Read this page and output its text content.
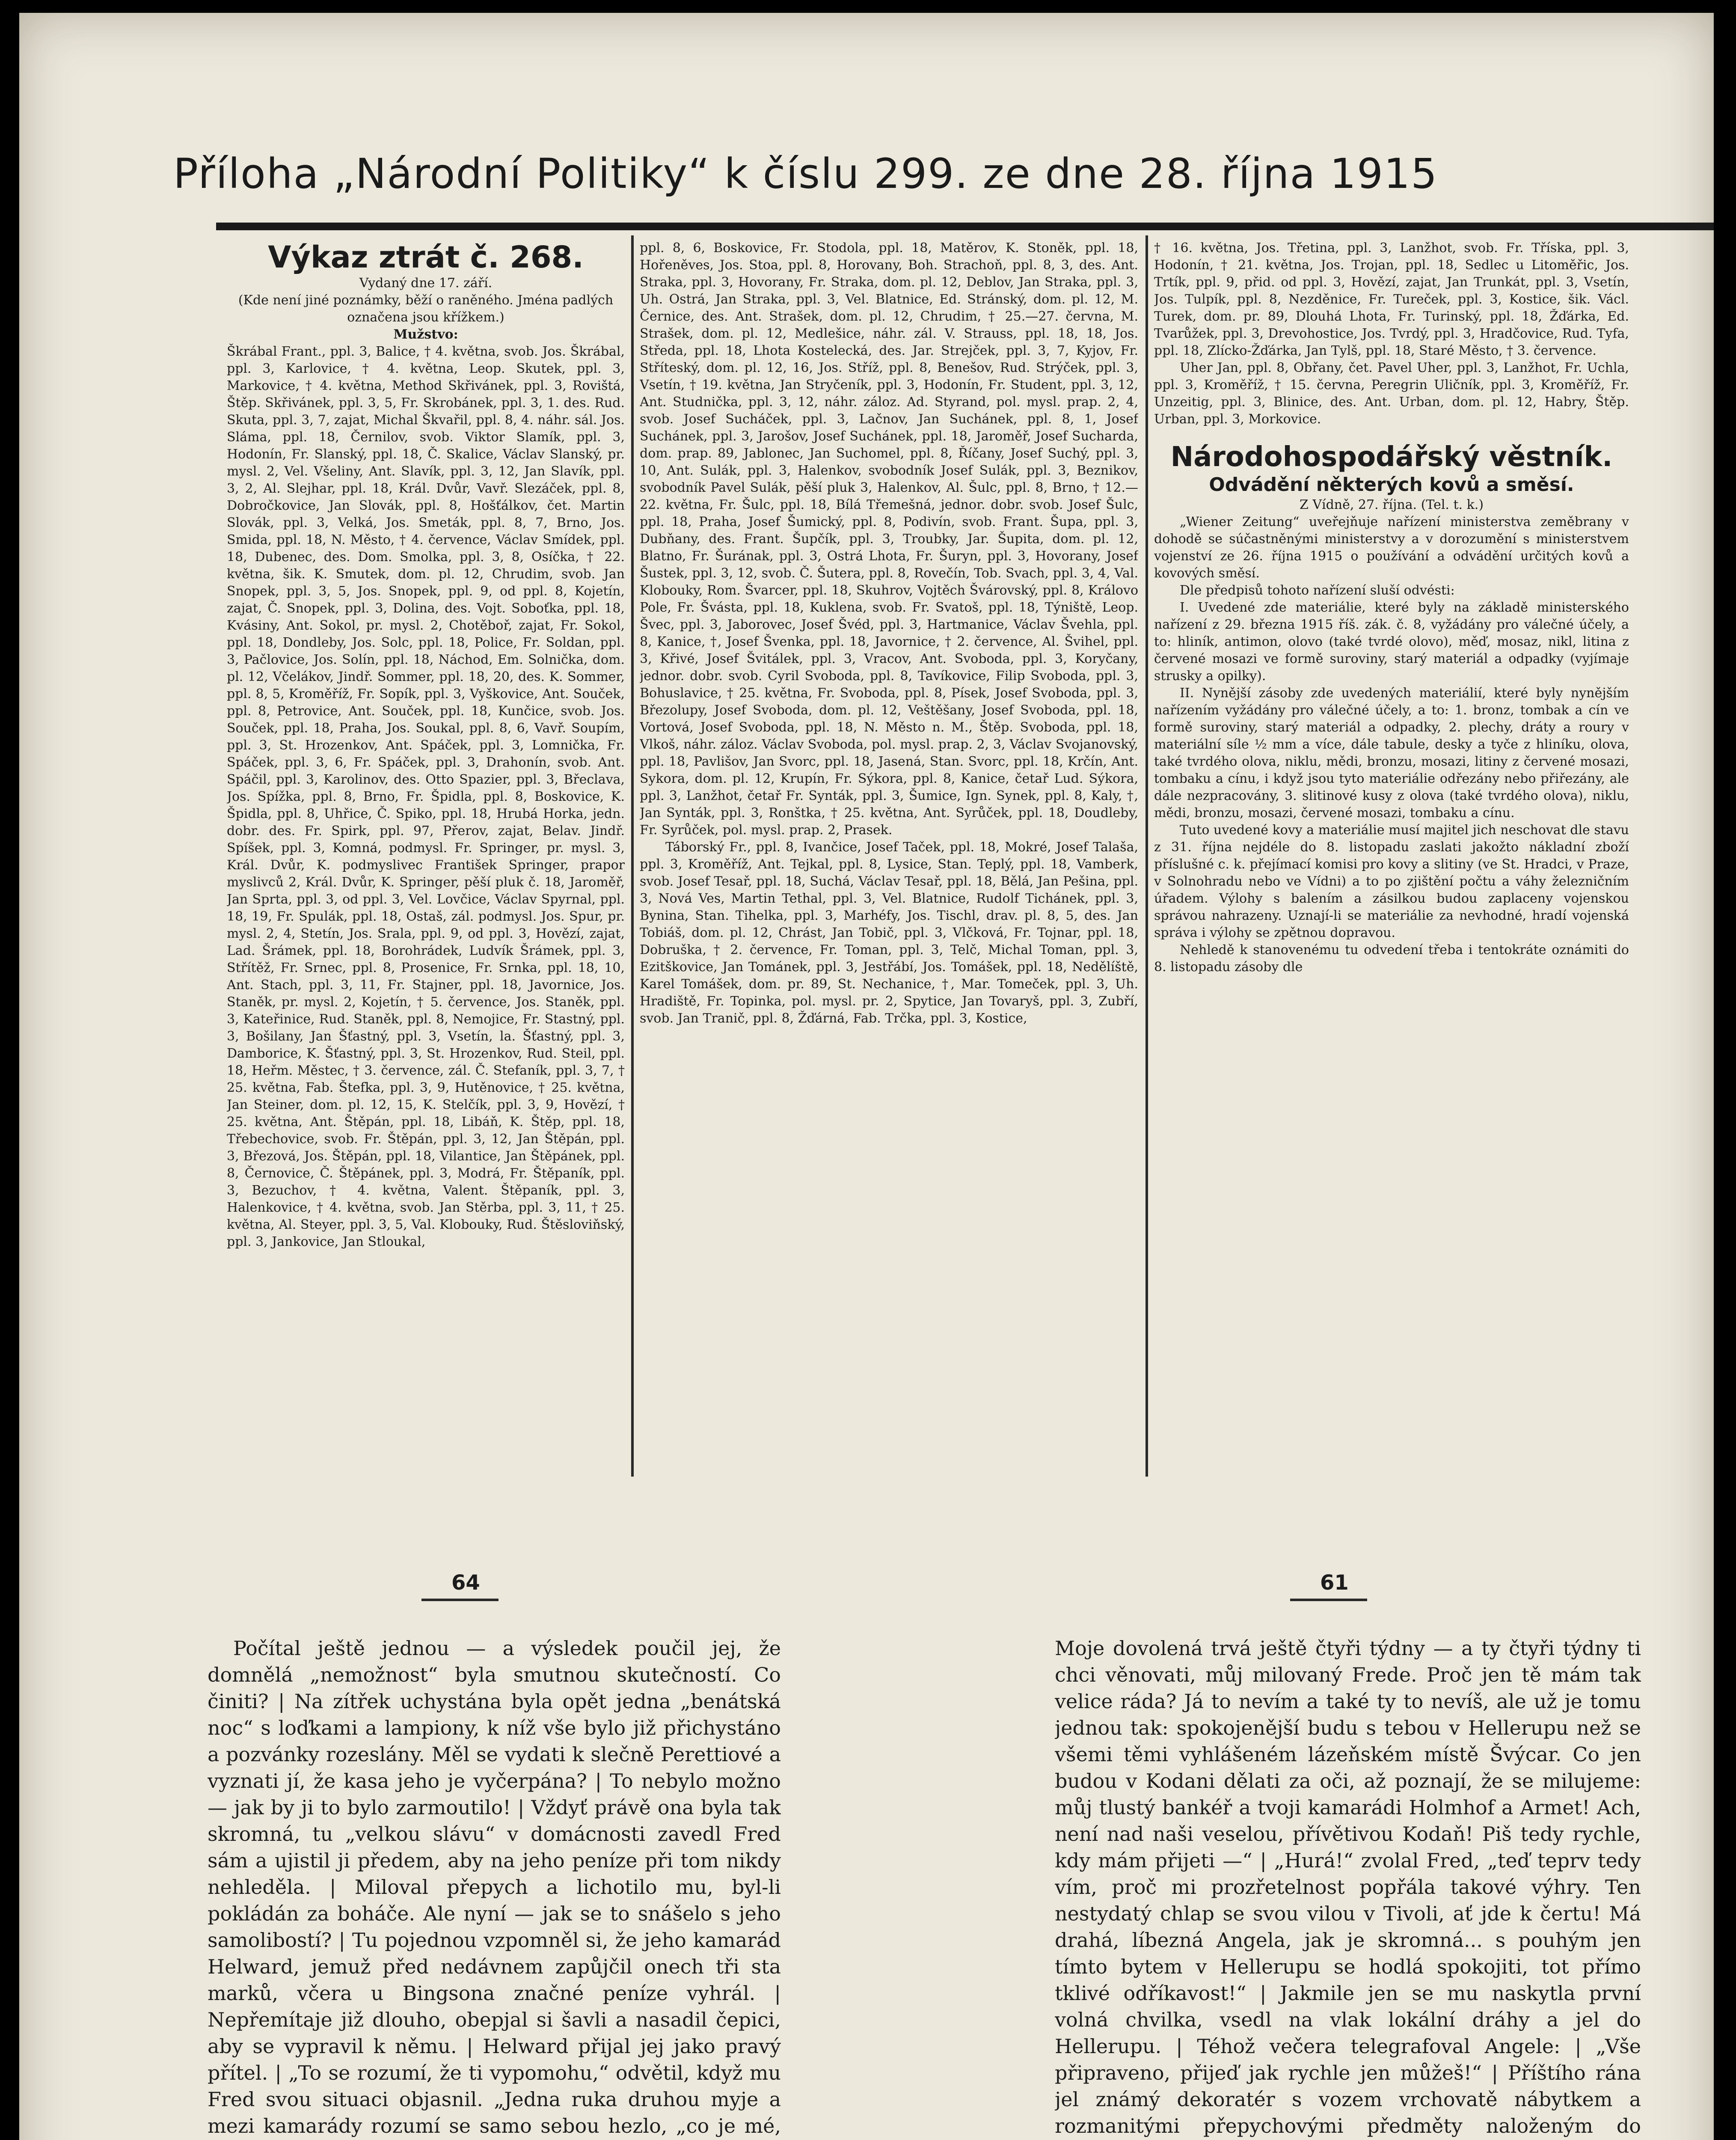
Příloha „Národní Politiky“ k číslu 299. ze dne 28. října 1915

Výkaz ztrát č. 268.

Vydaný dne 17. září.

(Kde není jiné poznámky, běží o raněného. Jména padlých označena jsou křížkem.)

Mužstvo:

Škrábal Frant., ppl. 3, Balice, † 4. května, svob. Jos. Škrábal, ppl. 3, Karlovice, † 4. května, Leop. Skutek, ppl. 3, Markovice, † 4. května, Method Skřivánek, ppl. 3, Rovištá, Štěp. Skřivánek, ppl. 3, 5, Fr. Skrobánek, ppl. 3, 1. des. Rud. Skuta, ppl. 3, 7, zajat, Michal Škvařil, ppl. 8, 4. náhr. sál. Jos. Sláma, ppl. 18, Černilov, svob. Viktor Slamík, ppl. 3, Hodonín, Fr. Slanský, ppl. 18, Č. Skalice, Václav Slanský, pr. mysl. 2, Vel. Všeliny, Ant. Slavík, ppl. 3, 12, Jan Slavík, ppl. 3, 2, Al. Slejhar, ppl. 18, Král. Dvůr, Vavř. Slezáček, ppl. 8, Dobročkovice, Jan Slovák, ppl. 8, Hošťálkov, čet. Martin Slovák, ppl. 3, Velká, Jos. Smeták, ppl. 8, 7, Brno, Jos. Smida, ppl. 18, N. Město, † 4. července, Václav Smídek, ppl. 18, Dubenec, des. Dom. Smolka, ppl. 3, 8, Osíčka, † 22. května, šik. K. Smutek, dom. pl. 12, Chrudim, svob. Jan Snopek, ppl. 3, 5, Jos. Snopek, ppl. 9, od ppl. 8, Kojetín, zajat, Č. Snopek, ppl. 3, Dolina, des. Vojt. Soboťka, ppl. 18, Kvásiny, Ant. Sokol, pr. mysl. 2, Chotěboř, zajat, Fr. Sokol, ppl. 18, Dondleby, Jos. Solc, ppl. 18, Police, Fr. Soldan, ppl. 3, Pačlovice, Jos. Solín, ppl. 18, Náchod, Em. Solnička, dom. pl. 12, Včelákov, Jindř. Sommer, ppl. 18, 20, des. K. Sommer, ppl. 8, 5, Kroměříž, Fr. Sopík, ppl. 3, Vyškovice, Ant. Souček, ppl. 8, Petrovice, Ant. Souček, ppl. 18, Kunčice, svob. Jos. Souček, ppl. 18, Praha, Jos. Soukal, ppl. 8, 6, Vavř. Soupím, ppl. 3, St. Hrozenkov, Ant. Spáček, ppl. 3, Lomnička, Fr. Spáček, ppl. 3, 6, Fr. Spáček, ppl. 3, Drahonín, svob. Ant. Spáčil, ppl. 3, Karolinov, des. Otto Spazier, ppl. 3, Břeclava, Jos. Spížka, ppl. 8, Brno, Fr. Špidla, ppl. 8, Boskovice, K. Špidla, ppl. 8, Uhřice, Č. Spiko, ppl. 18, Hrubá Horka, jedn. dobr. des. Fr. Spirk, ppl. 97, Přerov, zajat, Belav. Jindř. Spíšek, ppl. 3, Komná, podmysl. Fr. Springer, pr. mysl. 3, Král. Dvůr, K. podmyslivec František Springer, prapor myslivců 2, Král. Dvůr, K. Springer, pěší pluk č. 18, Jaroměř, Jan Sprta, ppl. 3, od ppl. 3, Vel. Lovčice, Václav Spyrnal, ppl. 18, 19, Fr. Spulák, ppl. 18, Ostaš, zál. podmysl. Jos. Spur, pr. mysl. 2, 4, Stetín, Jos. Srala, ppl. 9, od ppl. 3, Hovězí, zajat, Lad. Šrámek, ppl. 18, Borohrádek, Ludvík Šrámek, ppl. 3, Střítěž, Fr. Srnec, ppl. 8, Prosenice, Fr. Srnka, ppl. 18, 10, Ant. Stach, ppl. 3, 11, Fr. Stajner, ppl. 18, Javornice, Jos. Staněk, pr. mysl. 2, Kojetín, † 5. července, Jos. Staněk, ppl. 3, Kateřinice, Rud. Staněk, ppl. 8, Nemojice, Fr. Stastný, ppl. 3, Bošilany, Jan Šťastný, ppl. 3, Vsetín, la. Šťastný, ppl. 3, Damborice, K. Šťastný, ppl. 3, St. Hrozenkov, Rud. Steil, ppl. 18, Heřm. Městec, † 3. července, zál. Č. Stefaník, ppl. 3, 7, † 25. května, Fab. Štefka, ppl. 3, 9, Hutěnovice, † 25. května, Jan Steiner, dom. pl. 12, 15, K. Stelčík, ppl. 3, 9, Hovězí, † 25. května, Ant. Štěpán, ppl. 18, Libáň, K. Štěp, ppl. 18, Třebechovice, svob. Fr. Štěpán, ppl. 3, 12, Jan Štěpán, ppl. 3, Březová, Jos. Štěpán, ppl. 18, Vilantice, Jan Štěpánek, ppl. 8, Černovice, Č. Štěpánek, ppl. 3, Modrá, Fr. Štěpaník, ppl. 3, Bezuchov, † 4. května, Valent. Štěpaník, ppl. 3, Halenkovice, † 4. května, svob. Jan Stěrba, ppl. 3, 11, † 25. května, Al. Steyer, ppl. 3, 5, Val. Klobouky, Rud. Štěsloviňský, ppl. 3, Jankovice, Jan Stloukal,

ppl. 8, 6, Boskovice, Fr. Stodola, ppl. 18, Matěrov, K. Stoněk, ppl. 18, Hořeněves, Jos. Stoa, ppl. 8, Horovany, Boh. Strachoň, ppl. 8, 3, des. Ant. Straka, ppl. 3, Hovorany, Fr. Straka, dom. pl. 12, Deblov, Jan Straka, ppl. 3, Uh. Ostrá, Jan Straka, ppl. 3, Vel. Blatnice, Ed. Stránský, dom. pl. 12, M. Černice, des. Ant. Strašek, dom. pl. 12, Chrudim, † 25.—27. června, M. Strašek, dom. pl. 12, Medlešice, náhr. zál. V. Strauss, ppl. 18, 18, Jos. Středa, ppl. 18, Lhota Kostelecká, des. Jar. Strejček, ppl. 3, 7, Kyjov, Fr. Stříteský, dom. pl. 12, 16, Jos. Stříž, ppl. 8, Benešov, Rud. Strýček, ppl. 3, Vsetín, † 19. května, Jan Stryčeník, ppl. 3, Hodonín, Fr. Student, ppl. 3, 12, Ant. Studnička, ppl. 3, 12, náhr. záloz. Ad. Styrand, pol. mysl. prap. 2, 4, svob. Josef Sucháček, ppl. 3, Lačnov, Jan Suchánek, ppl. 8, 1, Josef Suchánek, ppl. 3, Jarošov, Josef Suchánek, ppl. 18, Jaroměř, Josef Sucharda, dom. prap. 89, Jablonec, Jan Suchomel, ppl. 8, Říčany, Josef Suchý, ppl. 3, 10, Ant. Sulák, ppl. 3, Halenkov, svobodník Josef Sulák, ppl. 3, Beznikov, svobodník Pavel Sulák, pěší pluk 3, Halenkov, Al. Šulc, ppl. 8, Brno, † 12.—22. května, Fr. Šulc, ppl. 18, Bílá Třemešná, jednor. dobr. svob. Josef Šulc, ppl. 18, Praha, Josef Šumický, ppl. 8, Podivín, svob. Frant. Šupa, ppl. 3, Dubňany, des. Frant. Šupčík, ppl. 3, Troubky, Jar. Šupita, dom. pl. 12, Blatno, Fr. Šurának, ppl. 3, Ostrá Lhota, Fr. Šuryn, ppl. 3, Hovorany, Josef Šustek, ppl. 3, 12, svob. Č. Šutera, ppl. 8, Rovečín, Tob. Svach, ppl. 3, 4, Val. Klobouky, Rom. Švarcer, ppl. 18, Skuhrov, Vojtěch Švárovský, ppl. 8, Královo Pole, Fr. Švásta, ppl. 18, Kuklena, svob. Fr. Svatoš, ppl. 18, Týniště, Leop. Švec, ppl. 3, Jaborovec, Josef Švéd, ppl. 3, Hartmanice, Václav Švehla, ppl. 8, Kanice, †, Josef Švenka, ppl. 18, Javornice, † 2. července, Al. Švihel, ppl. 3, Křivé, Josef Švitálek, ppl. 3, Vracov, Ant. Svoboda, ppl. 3, Koryčany, jednor. dobr. svob. Cyril Svoboda, ppl. 8, Tavíkovice, Filip Svoboda, ppl. 3, Bohuslavice, † 25. května, Fr. Svoboda, ppl. 8, Písek, Josef Svoboda, ppl. 3, Březolupy, Josef Svoboda, dom. pl. 12, Veštěšany, Josef Svoboda, ppl. 18, Vortová, Josef Svoboda, ppl. 18, N. Město n. M., Štěp. Svoboda, ppl. 18, Vlkoš, náhr. záloz. Václav Svoboda, pol. mysl. prap. 2, 3, Václav Svojanovský, ppl. 18, Pavlišov, Jan Svorc, ppl. 18, Jasená, Stan. Svorc, ppl. 18, Krčín, Ant. Sykora, dom. pl. 12, Krupín, Fr. Sýkora, ppl. 8, Kanice, četař Lud. Sýkora, ppl. 3, Lanžhot, četař Fr. Synták, ppl. 3, Šumice, Ign. Synek, ppl. 8, Kaly, †, Jan Synták, ppl. 3, Ronštka, † 25. května, Ant. Syrůček, ppl. 18, Doudleby, Fr. Syrůček, pol. mysl. prap. 2, Prasek.

Táborský Fr., ppl. 8, Ivančice, Josef Taček, ppl. 18, Mokré, Josef Talaša, ppl. 3, Kroměříž, Ant. Tejkal, ppl. 8, Lysice, Stan. Teplý, ppl. 18, Vamberk, svob. Josef Tesař, ppl. 18, Suchá, Václav Tesař, ppl. 18, Bělá, Jan Pešina, ppl. 3, Nová Ves, Martin Tethal, ppl. 3, Vel. Blatnice, Rudolf Tichánek, ppl. 3, Bynina, Stan. Tihelka, ppl. 3, Marhéfy, Jos. Tischl, drav. pl. 8, 5, des. Jan Tobiáš, dom. pl. 12, Chrást, Jan Tobič, ppl. 3, Vlčková, Fr. Tojnar, ppl. 18, Dobruška, † 2. července, Fr. Toman, ppl. 3, Telč, Michal Toman, ppl. 3, Ezitškovice, Jan Tománek, ppl. 3, Jestřábí, Jos. Tomášek, ppl. 18, Nedělíště, Karel Tomášek, dom. pr. 89, St. Nechanice, †, Mar. Tomeček, ppl. 3, Uh. Hradiště, Fr. Topinka, pol. mysl. pr. 2, Spytice, Jan Tovaryš, ppl. 3, Zubří, svob. Jan Tranič, ppl. 8, Žďárná, Fab. Trčka, ppl. 3, Kostice,

† 16. května, Jos. Třetina, ppl. 3, Lanžhot, svob. Fr. Tříska, ppl. 3, Hodonín, † 21. května, Jos. Trojan, ppl. 18, Sedlec u Litoměřic, Jos. Trtík, ppl. 9, přid. od ppl. 3, Hovězí, zajat, Jan Trunkát, ppl. 3, Vsetín, Jos. Tulpík, ppl. 8, Nezděnice, Fr. Tureček, ppl. 3, Kostice, šik. Václ. Turek, dom. pr. 89, Dlouhá Lhota, Fr. Turinský, ppl. 18, Žďárka, Ed. Tvarůžek, ppl. 3, Drevohostice, Jos. Tvrdý, ppl. 3, Hradčovice, Rud. Tyfa, ppl. 18, Zlícko-Žďárka, Jan Tylš, ppl. 18, Staré Město, † 3. července.

Uher Jan, ppl. 8, Obřany, čet. Pavel Uher, ppl. 3, Lanžhot, Fr. Uchla, ppl. 3, Kroměříž, † 15. června, Peregrin Uličník, ppl. 3, Kroměříž, Fr. Unzeitig, ppl. 3, Blinice, des. Ant. Urban, dom. pl. 12, Habry, Štěp. Urban, ppl. 3, Morkovice.

Národohospodářský věstník.

Odvádění některých kovů a směsí.

Z Vídně, 27. října. (Tel. t. k.)

„Wiener Zeitung“ uveřejňuje nařízení ministerstva zeměbrany v dohodě se súčastněnými ministerstvy a v dorozumění s ministerstvem vojenství ze 26. října 1915 o používání a odvádění určitých kovů a kovových směsí.

Dle předpisů tohoto nařízení sluší odvésti:

I. Uvedené zde materiálie, které byly na základě ministerského nařízení z 29. března 1915 říš. zák. č. 8, vyžádány pro válečné účely, a to: hliník, antimon, olovo (také tvrdé olovo), měď, mosaz, nikl, litina z červené mosazi ve formě suroviny, starý materiál a odpadky (vyjímaje strusky a opilky).

II. Nynější zásoby zde uvedených materiálií, které byly nynějším nařízením vyžádány pro válečné účely, a to: 1. bronz, tombak a cín ve formě suroviny, starý materiál a odpadky, 2. plechy, dráty a roury v materiální síle ½ mm a více, dále tabule, desky a tyče z hliníku, olova, také tvrdého olova, niklu, mědi, bronzu, mosazi, litiny z červené mosazi, tombaku a cínu, i když jsou tyto materiálie odřezány nebo přiřezány, ale dále nezpracovány, 3. slitinové kusy z olova (také tvrdého olova), niklu, mědi, bronzu, mosazi, červené mosazi, tombaku a cínu.

Tuto uvedené kovy a materiálie musí majitel jich neschovat dle stavu z 31. října nejdéle do 8. listopadu zaslati jakožto nákladní zboží příslušné c. k. přejímací komisi pro kovy a slitiny (ve St. Hradci, v Praze, v Solnohradu nebo ve Vídni) a to po zjištění počtu a váhy železničním úřadem. Výlohy s balením a zásilkou budou zaplaceny vojenskou správou nahrazeny. Uznají-li se materiálie za nevhodné, hradí vojenská správa i výlohy se zpětnou dopravou.

Nehledě k stanovenému tu odvedení třeba i tentokráte oznámiti do 8. listopadu zásoby dle

64	61

Počítal ještě jednou — a výsledek poučil jej, že domnělá „nemožnost“ byla smutnou skutečností. Co činiti? | Na zítřek uchystána byla opět jedna „benátská noc“ s loďkami a lampiony, k níž vše bylo již přichystáno a pozvánky rozeslány. Měl se vydati k slečně Perettiové a vyznati jí, že kasa jeho je vyčerpána? | To nebylo možno — jak by ji to bylo zarmoutilo! | Vždyť právě ona byla tak skromná, tu „velkou slávu“ v domácnosti zavedl Fred sám a ujistil ji předem, aby na jeho peníze při tom nikdy nehleděla. | Miloval přepych a lichotilo mu, byl-li pokládán za boháče. Ale nyní — jak se to snášelo s jeho samolibostí? | Tu pojednou vzpomněl si, že jeho kamarád Helward, jemuž před nedávnem zapůjčil onech tři sta marků, včera u Bingsona značné peníze vyhrál. | Nepřemítaje již dlouho, obepjal si šavli a nasadil čepici, aby se vypravil k němu. | Helward přijal jej jako pravý přítel. | „To se rozumí, že ti vypomohu,“ odvětil, když mu Fred svou situaci objasnil. „Jedna ruka druhou myje a mezi kamarády rozumí se samo sebou hezlo, „co je mé,

Moje dovolená trvá ještě čtyři týdny — a ty čtyři týdny ti chci věnovati, můj milovaný Frede. Proč jen tě mám tak velice ráda? Já to nevím a také ty to nevíš, ale už je tomu jednou tak: spokojenější budu s tebou v Hellerupu než se všemi těmi vyhlášeném lázeňském místě Švýcar. Co jen budou v Kodani dělati za oči, až poznají, že se milujeme: můj tlustý bankéř a tvoji kamarádi Holmhof a Armet! Ach, není nad naši veselou, přívětivou Kodaň! Piš tedy rychle, kdy mám přijeti —“ | „Hurá!“ zvolal Fred, „teď teprv tedy vím, proč mi prozřetelnost popřála takové výhry. Ten nestydatý chlap se svou vilou v Tivoli, ať jde k čertu! Má drahá, líbezná Angela, jak je skromná... s pouhým jen tímto bytem v Hellerupu se hodlá spokojiti, tot přímo tklivé odříkavost!“ | Jakmile jen se mu naskytla první volná chvilka, vsedl na vlak lokální dráhy a jel do Hellerupu. | Téhož večera telegrafoval Angele: | „Vše připraveno, přijeď jak rychle jen můžeš!“ | Příštího rána jel známý dekoratér s vozem vrchovatě nábytkem a rozmanitými přepychovými předměty naloženým do
